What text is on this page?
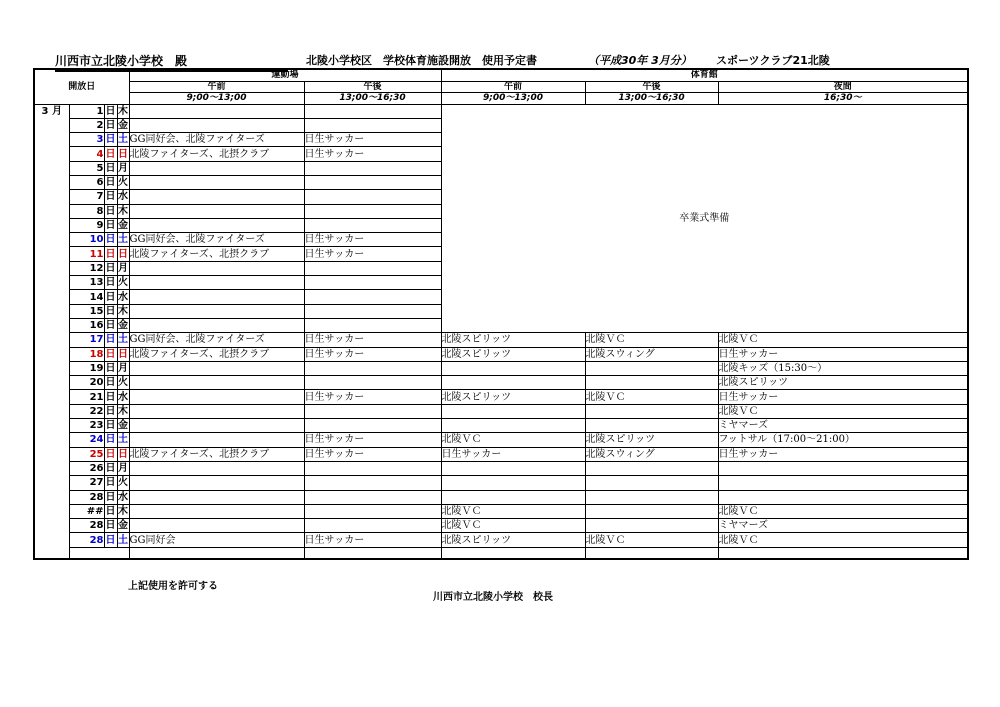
川西市立北陵小学校　殿	北陵小学校区　学校体育施設開放　使用予定書	（平成30年 3月分） スポーツクラブ21北陵
開放日				運動場		体育館		
				午前	午後	午前	午後	夜間
				9;00～13;00	13;00～16;30	9;00～13;00	13;00～16;30	16;30～
3 月	1	日	木			卒業式準備		
	2	日	金					
	3	日	土	GG同好会、北陵ファイターズ	日生サッカー			
	4	日	日	北陵ファイターズ、北摂クラブ	日生サッカー			
	5	日	月					
	6	日	火					
	7	日	水					
	8	日	木					
	9	日	金					
	10	日	土	GG同好会、北陵ファイターズ	日生サッカー			
	11	日	日	北陵ファイターズ、北摂クラブ	日生サッカー			
	12	日	月					
	13	日	火					
	14	日	水					
	15	日	木					
	16	日	金					
	17	日	土	GG同好会、北陵ファイターズ	日生サッカー	北陵スピリッツ	北陵ＶＣ	北陵ＶＣ
	18	日	日	北陵ファイターズ、北摂クラブ	日生サッカー	北陵スピリッツ	北陵スウィング	日生サッカー
	19	日	月					北陵キッズ（15:30～）
	20	日	火					北陵スピリッツ
	21	日	水		日生サッカー	北陵スピリッツ	北陵ＶＣ	日生サッカー
	22	日	木					北陵ＶＣ
	23	日	金					ミヤマーズ
	24	日	土		日生サッカー	北陵ＶＣ	北陵スピリッツ	フットサル（17:00～21:00）
	25	日	日	北陵ファイターズ、北摂クラブ	日生サッカー	日生サッカー	北陵スウィング	日生サッカー
	26	日	月					
	27	日	火					
	28	日	水					
	##	日	木			北陵ＶＣ		北陵ＶＣ
	28	日	金			北陵ＶＣ		ミヤマーズ
	28	日	土	GG同好会	日生サッカー	北陵スピリッツ	北陵ＶＣ	北陵ＶＣ

上記使用を許可する
川西市立北陵小学校　校長
